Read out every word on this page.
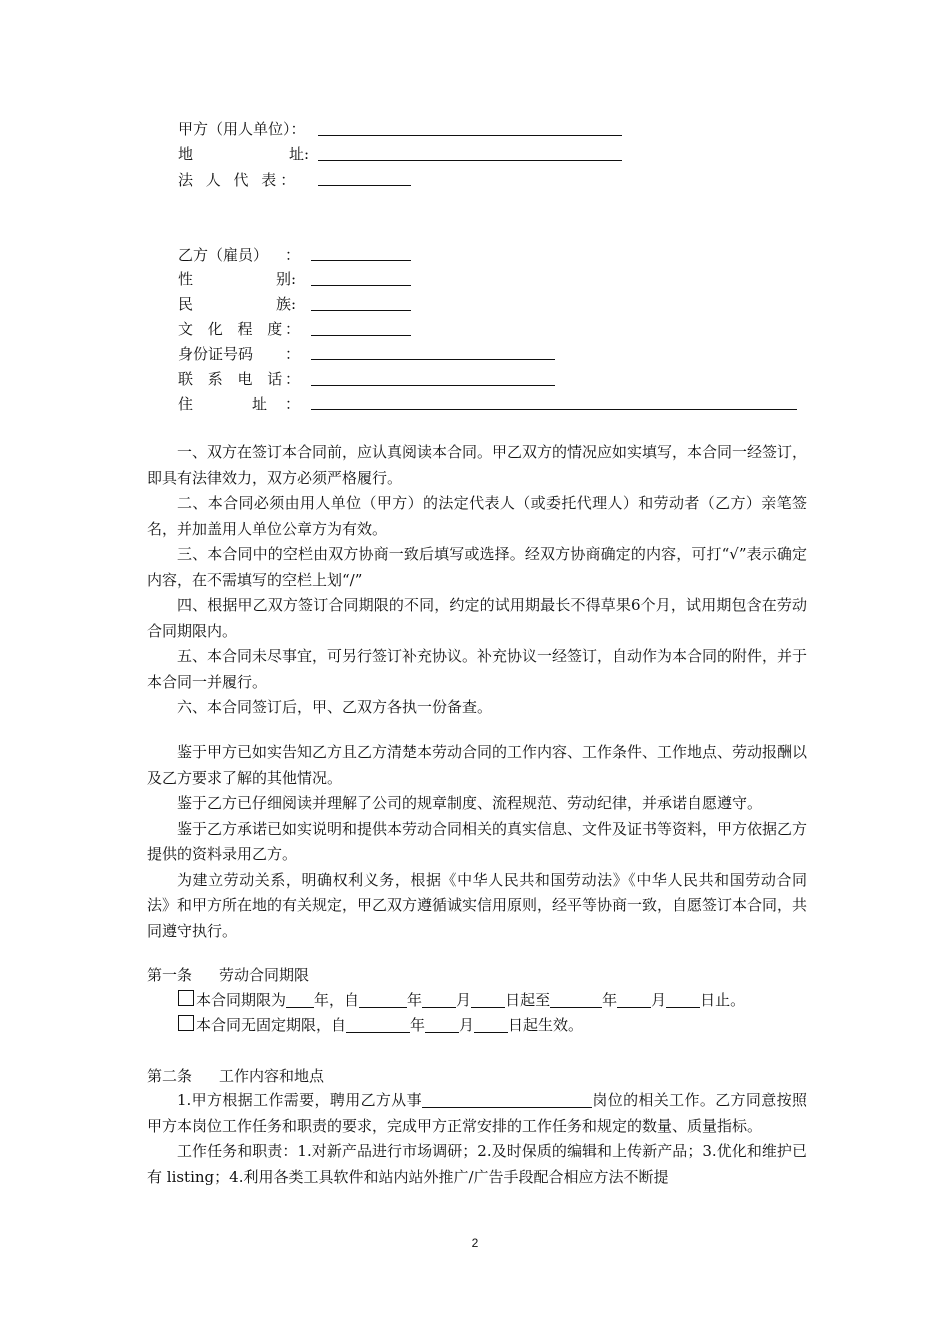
甲方（用人单位）：
地	址:
法 人 代 表：
乙方（雇员） ：
性	别:
民	族:
文 化 程 度
：
身份证号码 ：
联 系 电 话
：
住	址 ：

一、双方在签订本合同前，应认真阅读本合同。甲乙双方的情况应如实填写，本合同一经签订，即具有法律效力，双方必须严格履行。

二、本合同必须由用人单位（甲方）的法定代表人（或委托代理人）和劳动者（乙方）亲笔签名，并加盖用人单位公章方为有效。

三、本合同中的空栏由双方协商一致后填写或选择。经双方协商确定的内容，可打“√”表示确定内容，在不需填写的空栏上划“/”

四、根据甲乙双方签订合同期限的不同，约定的试用期最长不得草果6个月，试用期包含在劳动合同期限内。

五、本合同未尽事宜，可另行签订补充协议。补充协议一经签订，自动作为本合同的附件，并于本合同一并履行。

六、本合同签订后，甲、乙双方各执一份备查。

鉴于甲方已如实告知乙方且乙方清楚本劳动合同的工作内容、工作条件、工作地点、劳动报酬以及乙方要求了解的其他情况。

鉴于乙方已仔细阅读并理解了公司的规章制度、流程规范、劳动纪律，并承诺自愿遵守。

鉴于乙方承诺已如实说明和提供本劳动合同相关的真实信息、文件及证书等资料，甲方依据乙方提供的资料录用乙方。

为建立劳动关系，明确权利义务，根据《中华人民共和国劳动法》《中华人民共和国劳动合同法》和甲方所在地的有关规定，甲乙双方遵循诚实信用原则，经平等协商一致，自愿签订本合同，共同遵守执行。

第一条 劳动合同期限
本合同期限为 年，自	年 月 日起至	年 月 日止。
本合同无固定期限，自	年 月 日起生效。
第二条 工作内容和地点

1.甲方根据工作需要，聘用乙方从事	岗位的相关工作。乙方同意按照甲方本岗位工作任务和职责的要求，完成甲方正常安排的工作任务和规定的数量、质量指标。

工作任务和职责：1.对新产品进行市场调研；2.及时保质的编辑和上传新产品；3.优化和维护已有 listing；4.利用各类工具软件和站内站外推广/广告手段配合相应方法不断提

2
